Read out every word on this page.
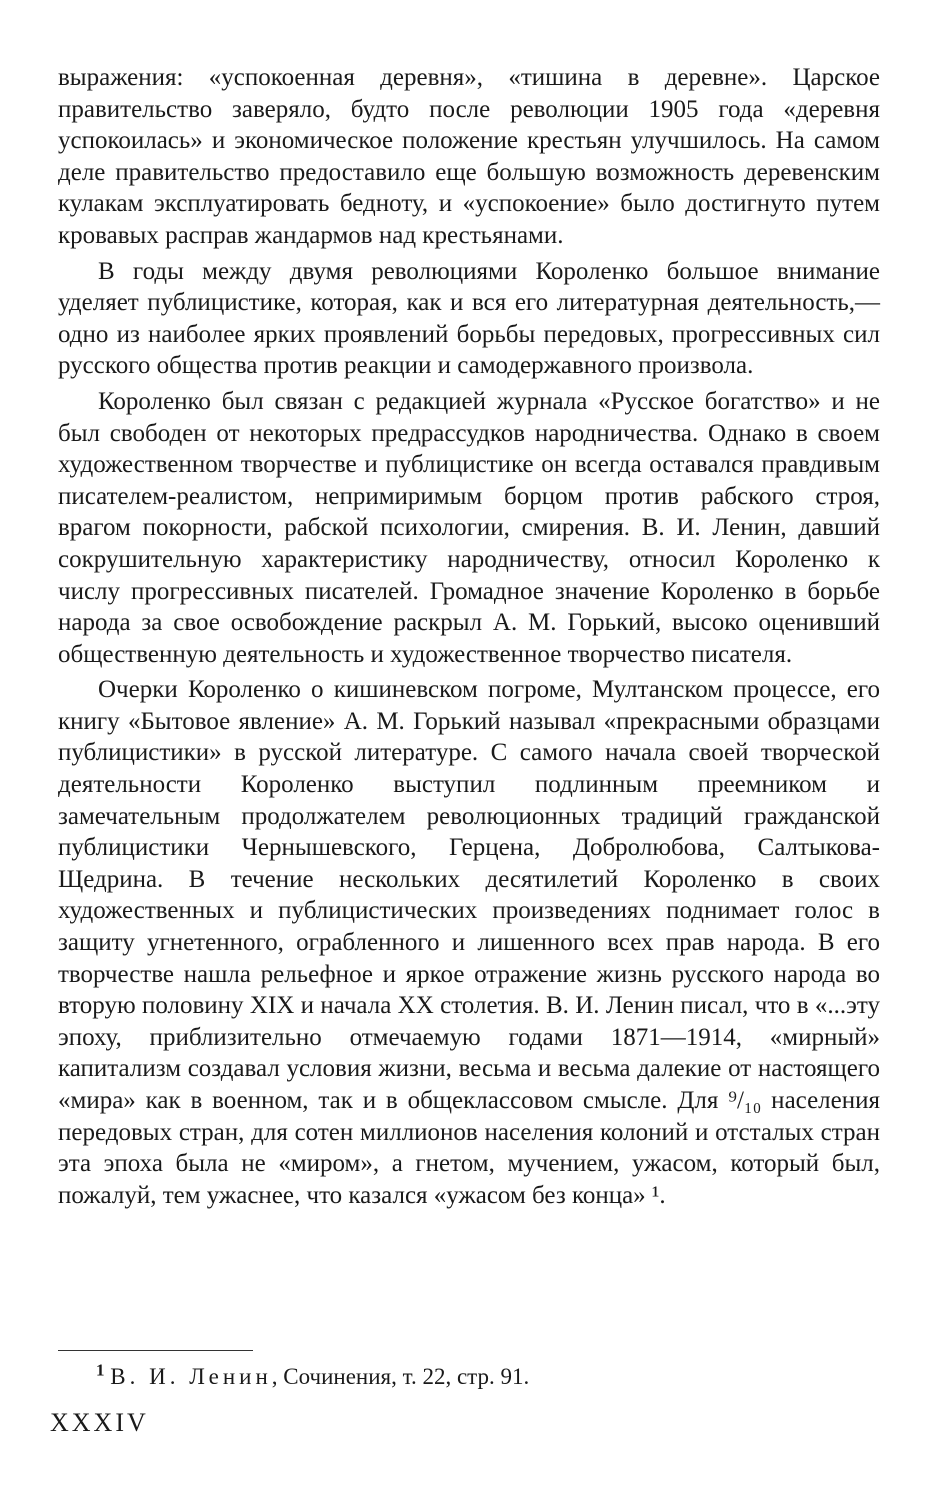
выражения: «успокоенная деревня», «тишина в деревне». Царское правительство заверяло, будто после революции 1905 года «деревня успокоилась» и экономическое положение крестьян улучшилось. На самом деле правительство предоставило еще большую возможность деревенским кулакам эксплуатировать бедноту, и «успокоение» было достигнуто путем кровавых расправ жандармов над крестьянами.

В годы между двумя революциями Короленко большое внимание уделяет публицистике, которая, как и вся его литературная деятельность,— одно из наиболее ярких проявлений борьбы передовых, прогрессивных сил русского общества против реакции и самодержавного произвола.

Короленко был связан с редакцией журнала «Русское богатство» и не был свободен от некоторых предрассудков народничества. Однако в своем художественном творчестве и публицистике он всегда оставался правдивым писателем-реалистом, непримиримым борцом против рабского строя, врагом покорности, рабской психологии, смирения. В. И. Ленин, давший сокрушительную характеристику народничеству, относил Короленко к числу прогрессивных писателей. Громадное значение Короленко в борьбе народа за свое освобождение раскрыл А. М. Горький, высоко оценивший общественную деятельность и художественное творчество писателя.

Очерки Короленко о кишиневском погроме, Мултанском процессе, его книгу «Бытовое явление» А. М. Горький называл «прекрасными образцами публицистики» в русской литературе. С самого начала своей творческой деятельности Короленко выступил подлинным преемником и замечательным продолжателем революционных традиций гражданской публицистики Чернышевского, Герцена, Добролюбова, Салтыкова-Щедрина. В течение нескольких десятилетий Короленко в своих художественных и публицистических произведениях поднимает голос в защиту угнетенного, ограбленного и лишенного всех прав народа. В его творчестве нашла рельефное и яркое отражение жизнь русского народа во вторую половину XIX и начала XX столетия. В. И. Ленин писал, что в «...эту эпоху, приблизительно отмечаемую годами 1871—1914, «мирный» капитализм создавал условия жизни, весьма и весьма далекие от настоящего «мира» как в военном, так и в общеклассовом смысле. Для ⁹/₁₀ населения передовых стран, для сотен миллионов населения колоний и отсталых стран эта эпоха была не «миром», а гнетом, мучением, ужасом, который был, пожалуй, тем ужаснее, что казался «ужасом без конца» ¹.

$^1$ В. И. Ленин, Сочинения, т. 22, стр. 91.
XXXIV
